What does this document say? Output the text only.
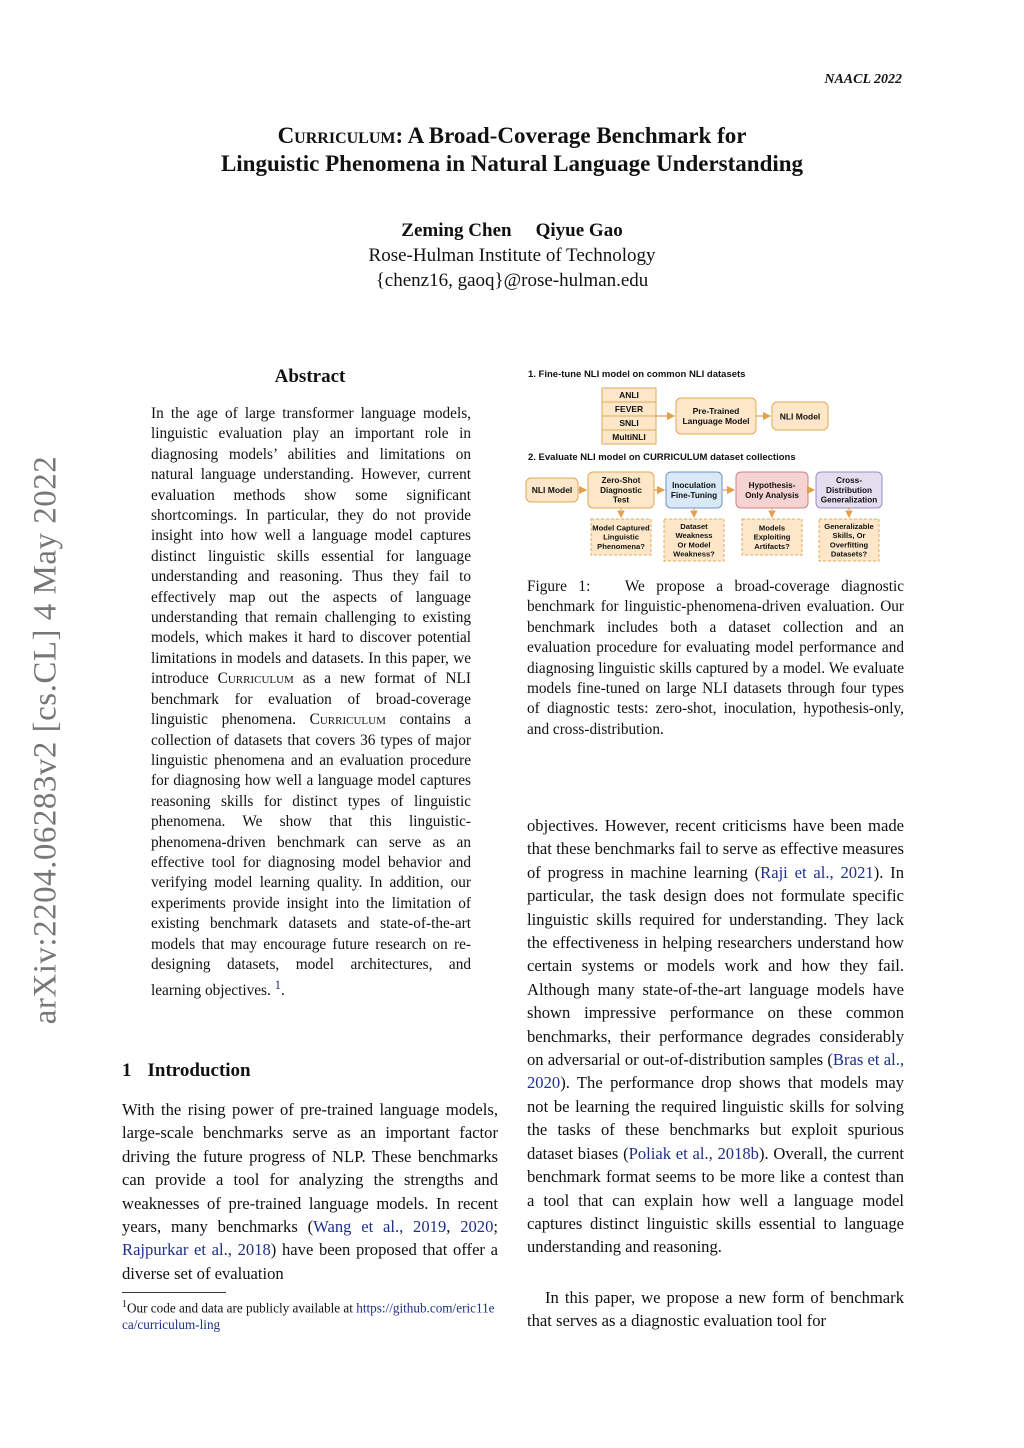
NAACL 2022
arXiv:2204.06283v2 [cs.CL] 4 May 2022
Curriculum: A Broad-Coverage Benchmark for
Linguistic Phenomena in Natural Language Understanding
Zeming Chen Qiyue Gao
Rose-Hulman Institute of Technology
{chenz16, gaoq}@rose-hulman.edu
Abstract
In the age of large transformer language models, linguistic evaluation play an important role in diagnosing models’ abilities and limitations on natural language understanding. However, current evaluation methods show some significant shortcomings. In particular, they do not provide insight into how well a language model captures distinct linguistic skills essential for language understanding and reasoning. Thus they fail to effectively map out the aspects of language understanding that remain challenging to existing models, which makes it hard to discover potential limitations in models and datasets. In this paper, we introduce Curriculum as a new format of NLI benchmark for evaluation of broad-coverage linguistic phenomena. Curriculum contains a collection of datasets that covers 36 types of major linguistic phenomena and an evaluation procedure for diagnosing how well a language model captures reasoning skills for distinct types of linguistic phenomena. We show that this linguistic-phenomena-driven benchmark can serve as an effective tool for diagnosing model behavior and verifying model learning quality. In addition, our experiments provide insight into the limitation of existing benchmark datasets and state-of-the-art models that may encourage future research on re-designing datasets, model architectures, and learning objectives. $^1$.
1 Introduction
With the rising power of pre-trained language models, large-scale benchmarks serve as an important factor driving the future progress of NLP. These benchmarks can provide a tool for analyzing the strengths and weaknesses of pre-trained language models. In recent years, many benchmarks (Wang et al., 2019, 2020; Rajpurkar et al., 2018) have been proposed that offer a diverse set of evaluation
$^1$Our code and data are publicly available at https://github.com/eric11eca/curriculum-ling
1. Fine-tune NLI model on common NLI datasets
ANLI
FEVER
SNLI
MultiNLI
Pre-Trained
Language Model	NLI Model
2. Evaluate NLI model on CURRICULUM dataset collections
NLI Model
Zero-Shot
Diagnostic
Test
Model Captured
Linguistic
Phenomena?
Inoculation
Fine-Tuning
Dataset
Weakness
Or Model
Weakness?
Hypothesis-
Only Analysis
Models
Exploiting
Artifacts?
Cross-
Distribution
Generalization
Generalizable
Skills, Or
Overfitting
Datasets?
Figure 1: We propose a broad-coverage diagnostic benchmark for linguistic-phenomena-driven evaluation. Our benchmark includes both a dataset collection and an evaluation procedure for evaluating model performance and diagnosing linguistic skills captured by a model. We evaluate models fine-tuned on large NLI datasets through four types of diagnostic tests: zero-shot, inoculation, hypothesis-only, and cross-distribution.
objectives. However, recent criticisms have been made that these benchmarks fail to serve as effective measures of progress in machine learning (Raji et al., 2021). In particular, the task design does not formulate specific linguistic skills required for understanding. They lack the effectiveness in helping researchers understand how certain systems or models work and how they fail. Although many state-of-the-art language models have shown impressive performance on these common benchmarks, their performance degrades considerably on adversarial or out-of-distribution samples (Bras et al., 2020). The performance drop shows that models may not be learning the required linguistic skills for solving the tasks of these benchmarks but exploit spurious dataset biases (Poliak et al., 2018b). Overall, the current benchmark format seems to be more like a contest than a tool that can explain how well a language model captures distinct linguistic skills essential to language understanding and reasoning.
In this paper, we propose a new form of benchmark that serves as a diagnostic evaluation tool for
